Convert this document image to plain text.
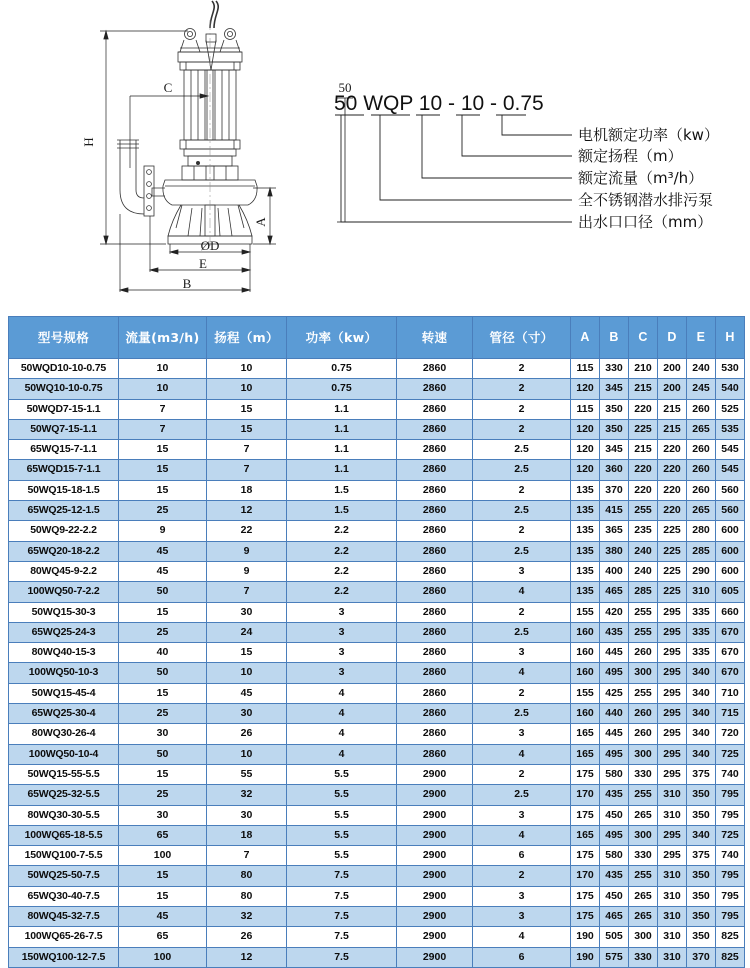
H
C
A
ØD
E
B
50
50 WQP 10 - 10 - 0.75
电机额定功率（kw）
额定扬程（m）
额定流量（m³/h）
全不锈钢潜水排污泵
出水口口径（mm）
型号规格	流量(m3/h)	扬程（m）	功率（kw）	转速	管径（寸）	A	B	C	D	E	H
50WQD10-10-0.75	10	10	0.75	2860	2	115	330	210	200	240	530
50WQ10-10-0.75	10	10	0.75	2860	2	120	345	215	200	245	540
50WQD7-15-1.1	7	15	1.1	2860	2	115	350	220	215	260	525
50WQ7-15-1.1	7	15	1.1	2860	2	120	350	225	215	265	535
65WQ15-7-1.1	15	7	1.1	2860	2.5	120	345	215	220	260	545
65WQD15-7-1.1	15	7	1.1	2860	2.5	120	360	220	220	260	545
50WQ15-18-1.5	15	18	1.5	2860	2	135	370	220	220	260	560
65WQ25-12-1.5	25	12	1.5	2860	2.5	135	415	255	220	265	560
50WQ9-22-2.2	9	22	2.2	2860	2	135	365	235	225	280	600
65WQ20-18-2.2	45	9	2.2	2860	2.5	135	380	240	225	285	600
80WQ45-9-2.2	45	9	2.2	2860	3	135	400	240	225	290	600
100WQ50-7-2.2	50	7	2.2	2860	4	135	465	285	225	310	605
50WQ15-30-3	15	30	3	2860	2	155	420	255	295	335	660
65WQ25-24-3	25	24	3	2860	2.5	160	435	255	295	335	670
80WQ40-15-3	40	15	3	2860	3	160	445	260	295	335	670
100WQ50-10-3	50	10	3	2860	4	160	495	300	295	340	670
50WQ15-45-4	15	45	4	2860	2	155	425	255	295	340	710
65WQ25-30-4	25	30	4	2860	2.5	160	440	260	295	340	715
80WQ30-26-4	30	26	4	2860	3	165	445	260	295	340	720
100WQ50-10-4	50	10	4	2860	4	165	495	300	295	340	725
50WQ15-55-5.5	15	55	5.5	2900	2	175	580	330	295	375	740
65WQ25-32-5.5	25	32	5.5	2900	2.5	170	435	255	310	350	795
80WQ30-30-5.5	30	30	5.5	2900	3	175	450	265	310	350	795
100WQ65-18-5.5	65	18	5.5	2900	4	165	495	300	295	340	725
150WQ100-7-5.5	100	7	5.5	2900	6	175	580	330	295	375	740
50WQ25-50-7.5	15	80	7.5	2900	2	170	435	255	310	350	795
65WQ30-40-7.5	15	80	7.5	2900	3	175	450	265	310	350	795
80WQ45-32-7.5	45	32	7.5	2900	3	175	465	265	310	350	795
100WQ65-26-7.5	65	26	7.5	2900	4	190	505	300	310	350	825
150WQ100-12-7.5	100	12	7.5	2900	6	190	575	330	310	370	825
